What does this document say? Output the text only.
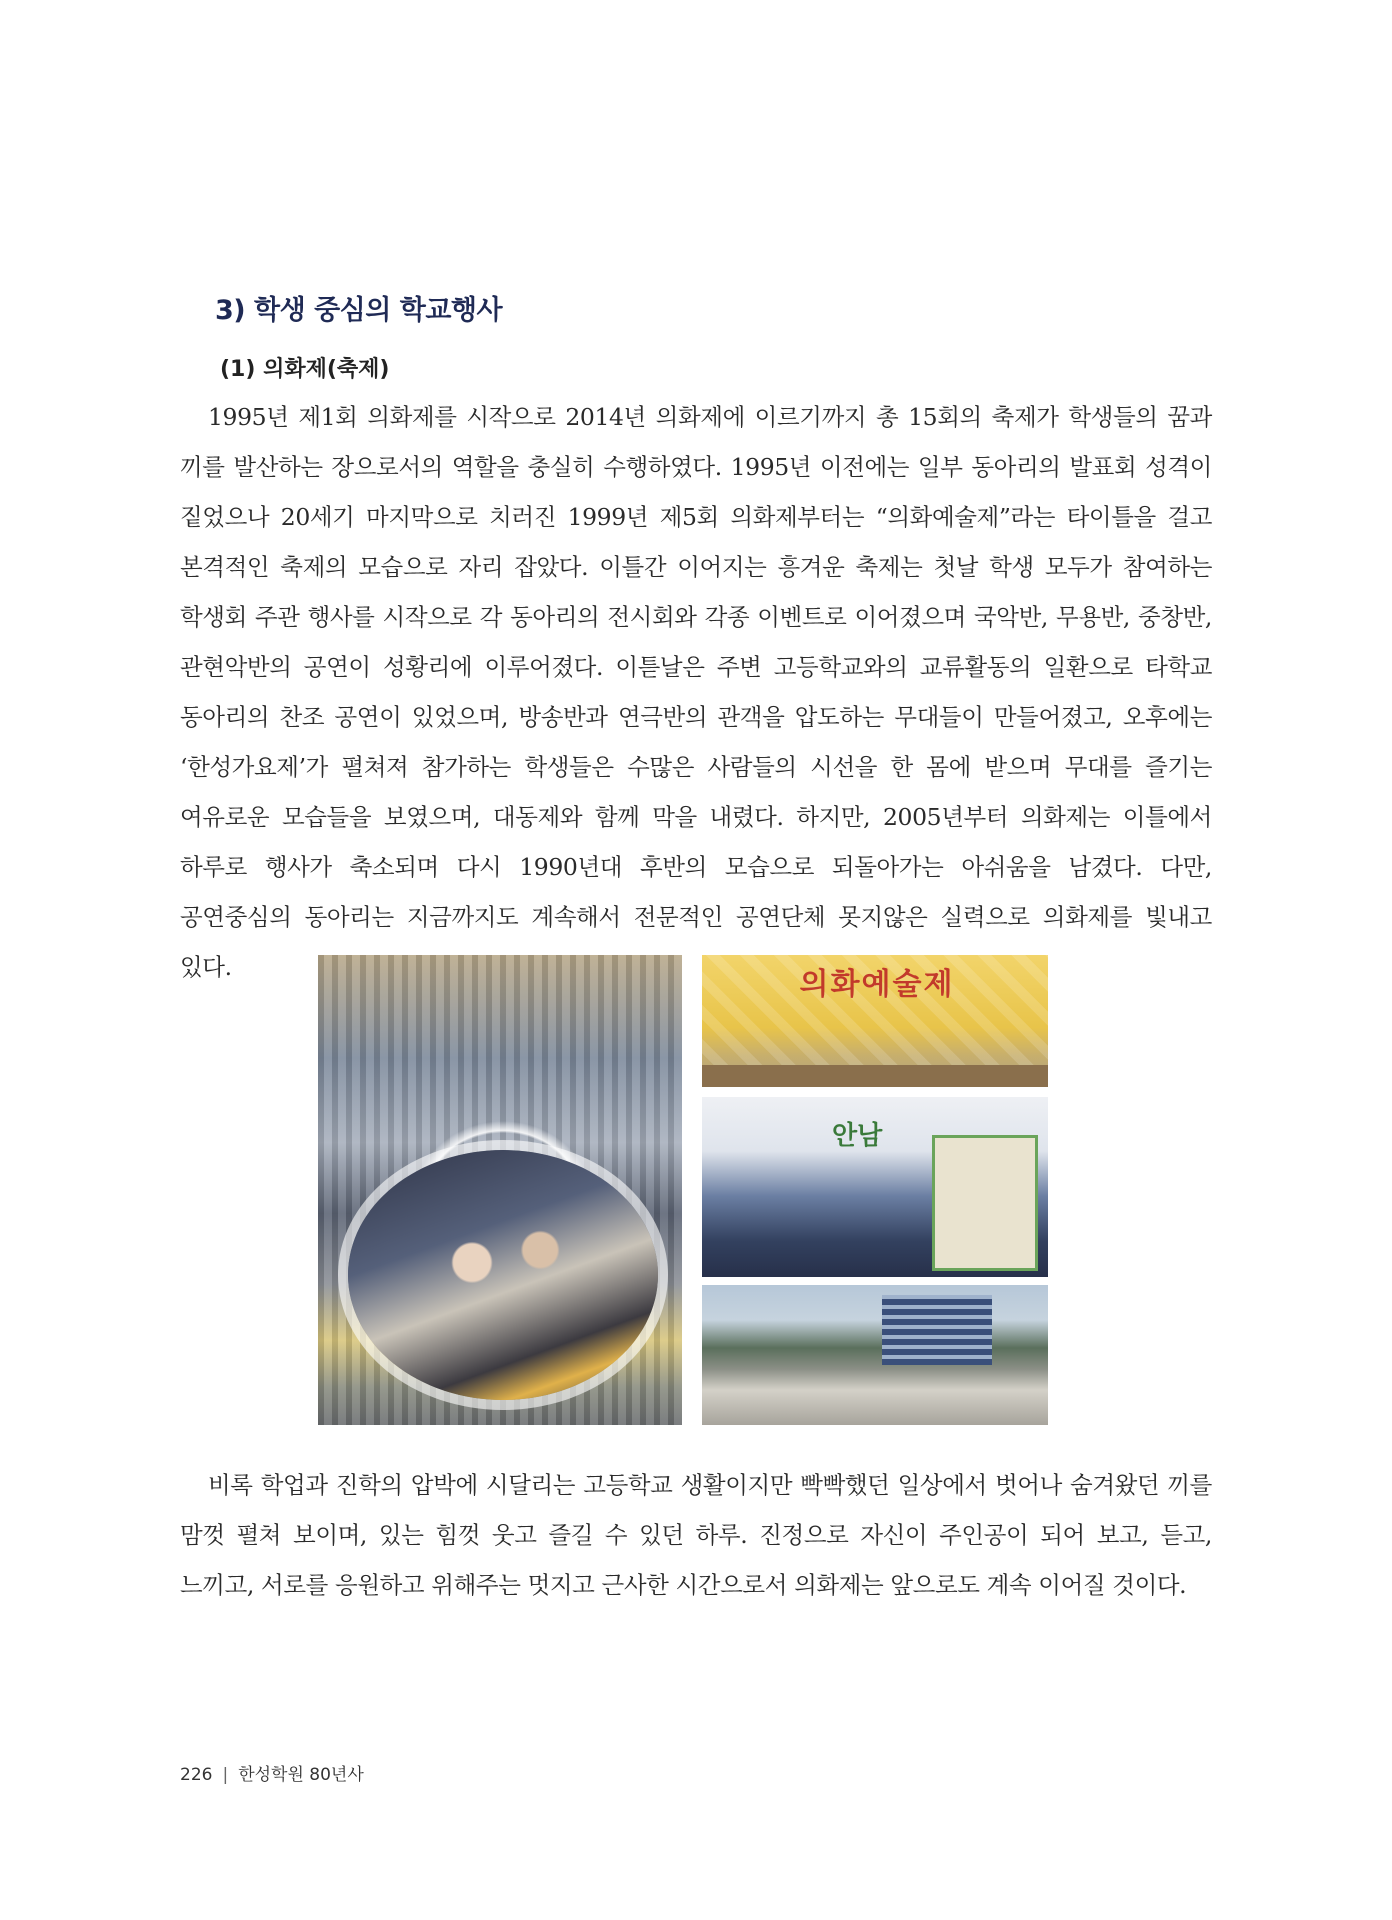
3) 학생 중심의 학교행사
(1) 의화제(축제)

1995년 제1회 의화제를 시작으로 2014년 의화제에 이르기까지 총 15회의 축제가 학생들의 꿈과 끼를 발산하는 장으로서의 역할을 충실히 수행하였다. 1995년 이전에는 일부 동아리의 발표회 성격이 짙었으나 20세기 마지막으로 치러진 1999년 제5회 의화제부터는 “의화예술제”라는 타이틀을 걸고 본격적인 축제의 모습으로 자리 잡았다. 이틀간 이어지는 흥겨운 축제는 첫날 학생 모두가 참여하는 학생회 주관 행사를 시작으로 각 동아리의 전시회와 각종 이벤트로 이어졌으며 국악반, 무용반, 중창반, 관현악반의 공연이 성황리에 이루어졌다. 이튿날은 주변 고등학교와의 교류활동의 일환으로 타학교 동아리의 찬조 공연이 있었으며, 방송반과 연극반의 관객을 압도하는 무대들이 만들어졌고, 오후에는 ‘한성가요제’가 펼쳐져 참가하는 학생들은 수많은 사람들의 시선을 한 몸에 받으며 무대를 즐기는 여유로운 모습들을 보였으며, 대동제와 함께 막을 내렸다. 하지만, 2005년부터 의화제는 이틀에서 하루로 행사가 축소되며 다시 1990년대 후반의 모습으로 되돌아가는 아쉬움을 남겼다. 다만, 공연중심의 동아리는 지금까지도 계속해서 전문적인 공연단체 못지않은 실력으로 의화제를 빛내고 있다.	의화예술제
안남

비록 학업과 진학의 압박에 시달리는 고등학교 생활이지만 빡빡했던 일상에서 벗어나 숨겨왔던 끼를 맘껏 펼쳐 보이며, 있는 힘껏 웃고 즐길 수 있던 하루. 진정으로 자신이 주인공이 되어 보고, 듣고, 느끼고, 서로를 응원하고 위해주는 멋지고 근사한 시간으로서 의화제는 앞으로도 계속 이어질 것이다.

226 | 한성학원 80년사
